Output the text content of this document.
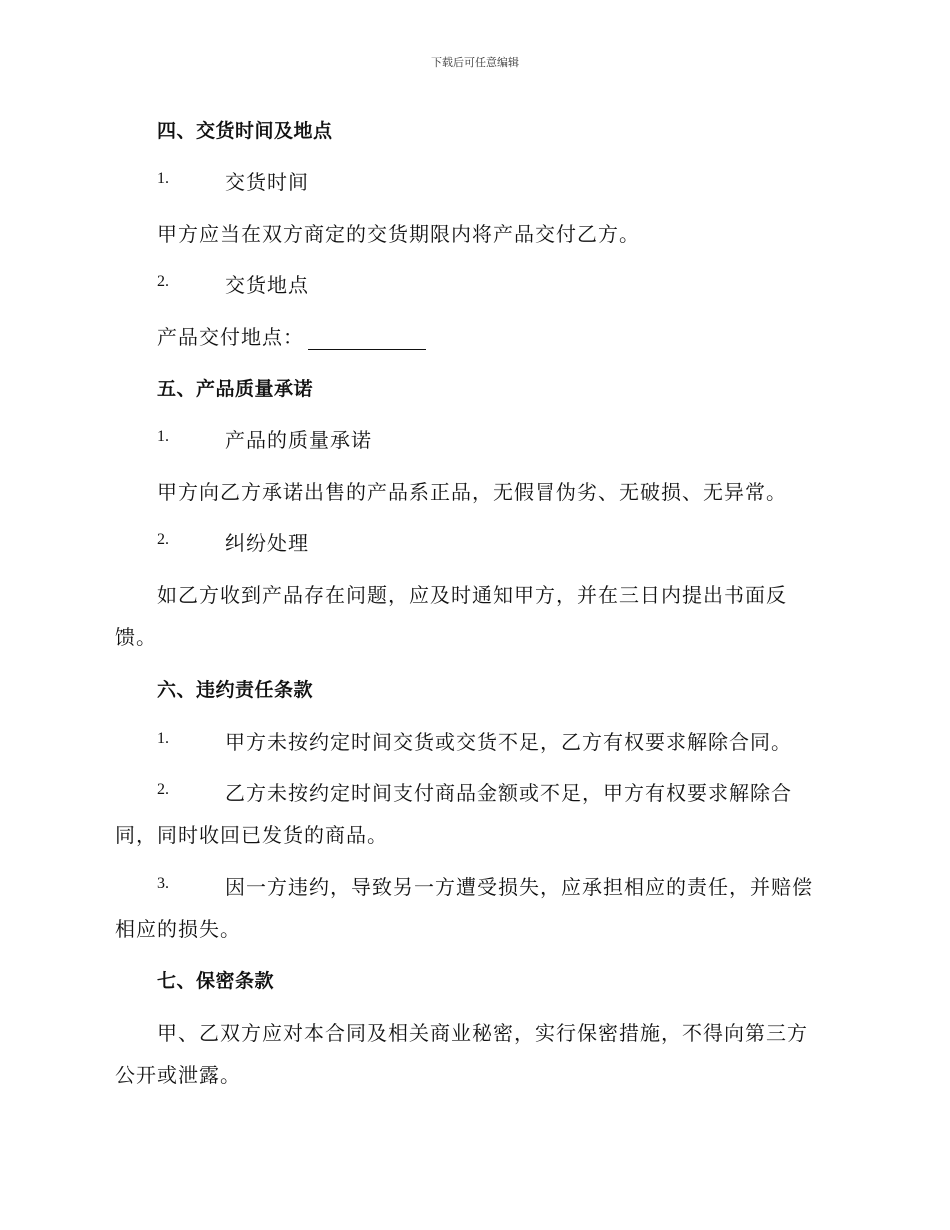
下载后可任意编辑
四、交货时间及地点
1.	交货时间
甲方应当在双方商定的交货期限内将产品交付乙方。
2.	交货地点
产品交付地点：
五、产品质量承诺
1.	产品的质量承诺
甲方向乙方承诺出售的产品系正品，无假冒伪劣、无破损、无异常。
2.	纠纷处理
如乙方收到产品存在问题，应及时通知甲方，并在三日内提出书面反
馈。
六、违约责任条款
1.	甲方未按约定时间交货或交货不足，乙方有权要求解除合同。
2.	乙方未按约定时间支付商品金额或不足，甲方有权要求解除合
同，同时收回已发货的商品。
3.	因一方违约，导致另一方遭受损失，应承担相应的责任，并赔偿
相应的损失。
七、保密条款
甲、乙双方应对本合同及相关商业秘密，实行保密措施，不得向第三方
公开或泄露。
